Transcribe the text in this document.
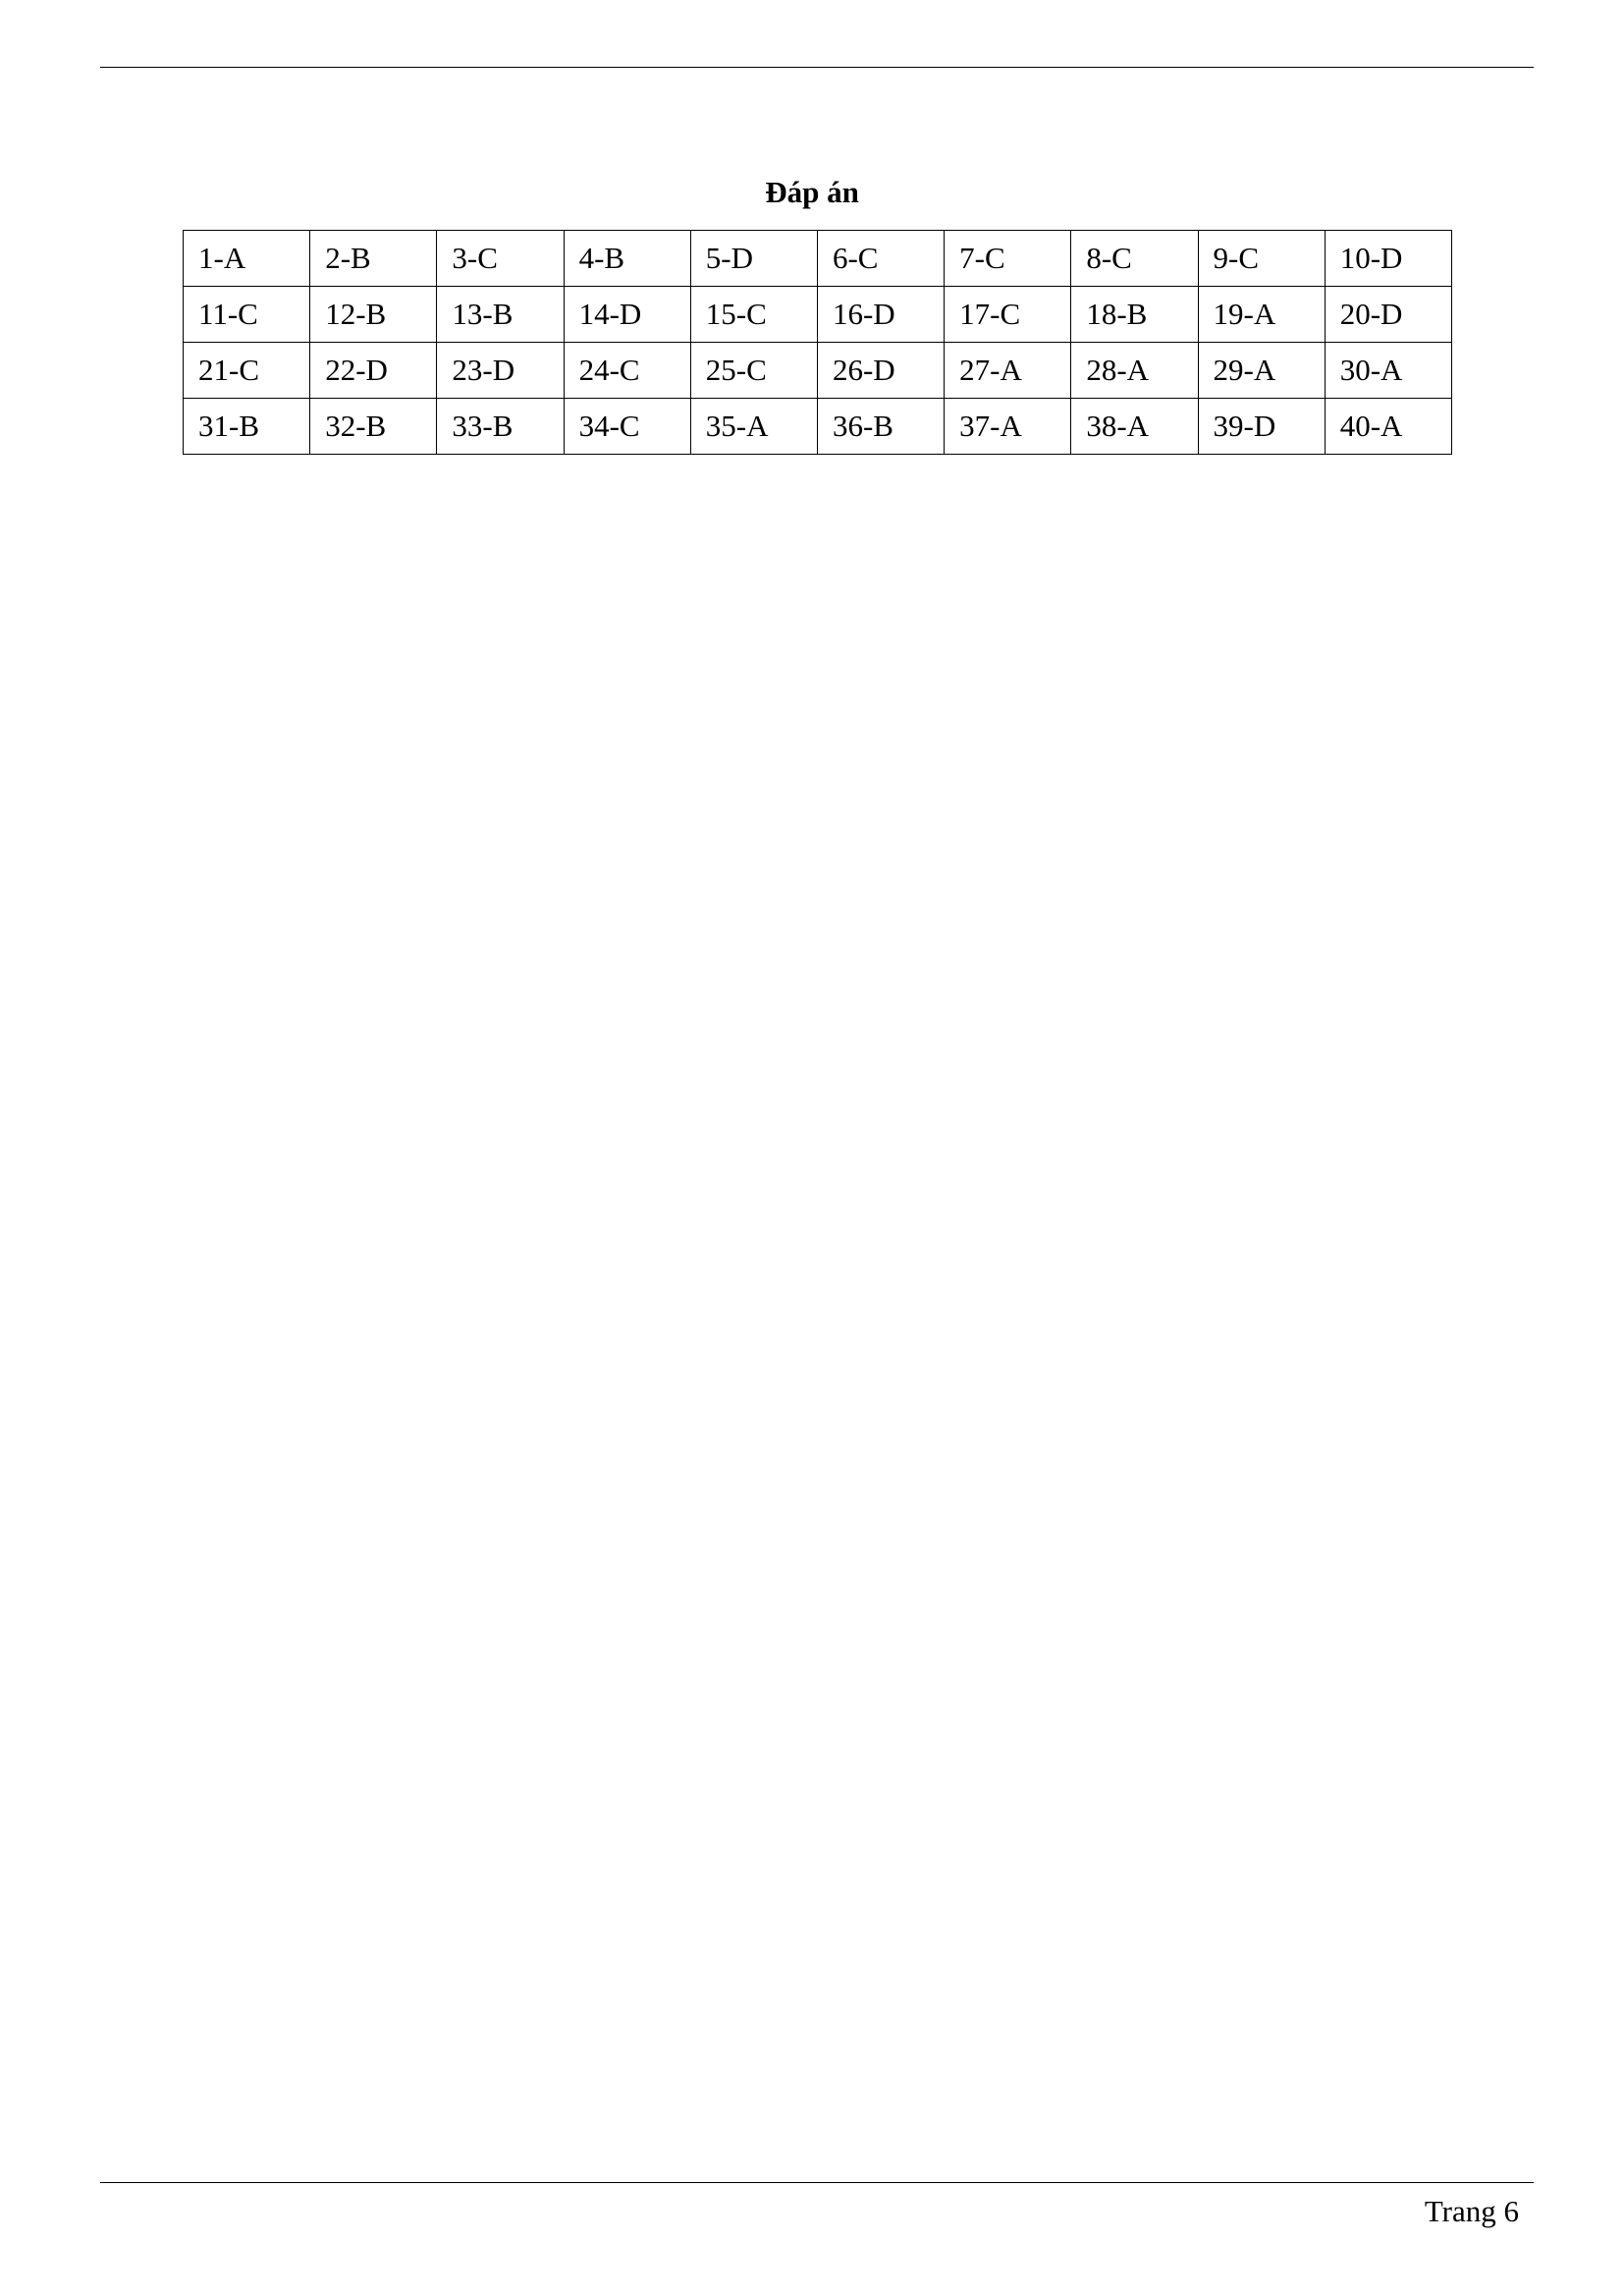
Đáp án
1-A	2-B	3-C	4-B	5-D	6-C	7-C	8-C	9-C	10-D
11-C	12-B	13-B	14-D	15-C	16-D	17-C	18-B	19-A	20-D
21-C	22-D	23-D	24-C	25-C	26-D	27-A	28-A	29-A	30-A
31-B	32-B	33-B	34-C	35-A	36-B	37-A	38-A	39-D	40-A
Trang 6
